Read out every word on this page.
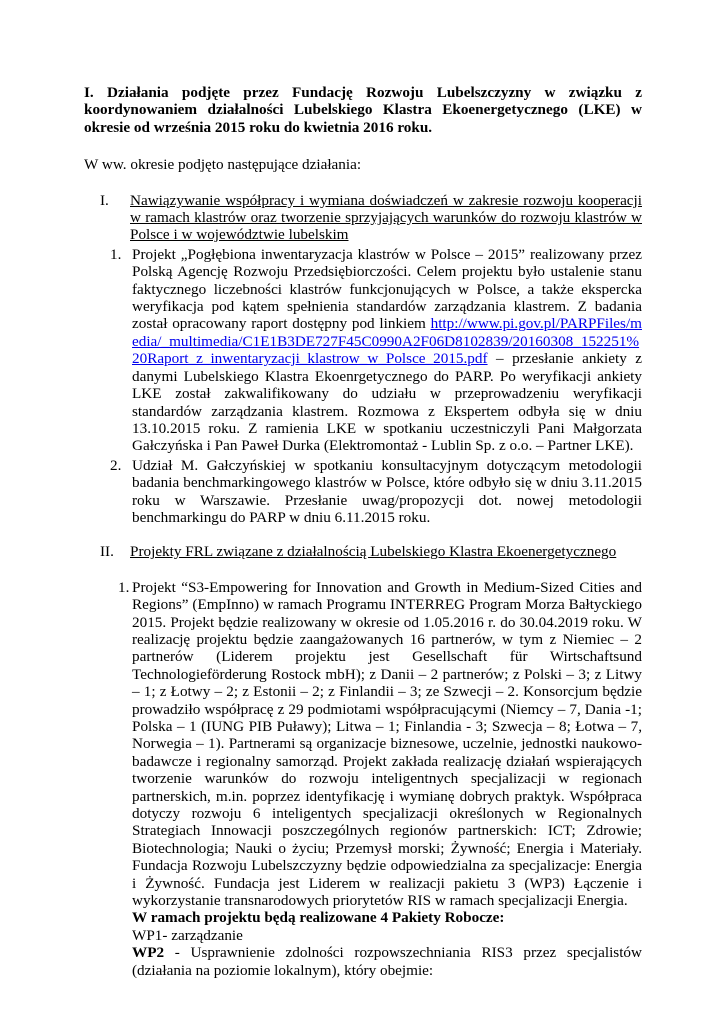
I. Działania podjęte przez Fundację Rozwoju Lubelszczyzny w związku z koordynowaniem działalności Lubelskiego Klastra Ekoenergetycznego (LKE) w okresie od września 2015 roku do kwietnia 2016 roku.

W ww. okresie podjęto następujące działania:
I. Nawiązywanie współpracy i wymiana doświadczeń w zakresie rozwoju kooperacji w ramach klastrów oraz tworzenie sprzyjających warunków do rozwoju klastrów w Polsce i w województwie lubelskim
1. Projekt „Pogłębiona inwentaryzacja klastrów w Polsce – 2015” realizowany przez Polską Agencję Rozwoju Przedsiębiorczości. Celem projektu było ustalenie stanu faktycznego liczebności klastrów funkcjonujących w Polsce, a także ekspercka weryfikacja pod kątem spełnienia standardów zarządzania klastrem. Z badania został opracowany raport dostępny pod linkiem http://www.pi.gov.pl/PARPFiles/media/_multimedia/C1E1B3DE727F45C0990A2F06D8102839/20160308_152251%20Raport_z_inwentaryzacji_klastrow_w_Polsce_2015.pdf – przesłanie ankiety z danymi Lubelskiego Klastra Ekoenrgetycznego do PARP. Po weryfikacji ankiety LKE został zakwalifikowany do udziału w przeprowadzeniu weryfikacji standardów zarządzania klastrem. Rozmowa z Ekspertem odbyła się w dniu 13.10.2015 roku. Z ramienia LKE w spotkaniu uczestniczyli Pani Małgorzata Gałczyńska i Pan Paweł Durka (Elektromontaż - Lublin Sp. z o.o. – Partner LKE).
2. Udział M. Gałczyńskiej w spotkaniu konsultacyjnym dotyczącym metodologii badania benchmarkingowego klastrów w Polsce, które odbyło się w dniu 3.11.2015 roku w Warszawie. Przesłanie uwag/propozycji dot. nowej metodologii benchmarkingu do PARP w dniu 6.11.2015 roku.
II. Projekty FRL związane z działalnością Lubelskiego Klastra Ekoenergetycznego
1. Projekt “S3-Empowering for Innovation and Growth in Medium-Sized Cities and Regions” (EmpInno) w ramach Programu INTERREG Program Morza Bałtyckiego 2015. Projekt będzie realizowany w okresie od 1.05.2016 r. do 30.04.2019 roku. W realizację projektu będzie zaangażowanych 16 partnerów, w tym z Niemiec – 2 partnerów (Liderem projektu jest Gesellschaft für Wirtschaftsund Technologieförderung Rostock mbH); z Danii – 2 partnerów; z Polski – 3; z Litwy – 1; z Łotwy – 2; z Estonii – 2; z Finlandii – 3; ze Szwecji – 2. Konsorcjum będzie prowadziło współpracę z 29 podmiotami współpracującymi (Niemcy – 7, Dania -1; Polska – 1 (IUNG PIB Puławy); Litwa – 1; Finlandia - 3; Szwecja – 8; Łotwa – 7, Norwegia – 1). Partnerami są organizacje biznesowe, uczelnie, jednostki naukowo-badawcze i regionalny samorząd. Projekt zakłada realizację działań wspierających tworzenie warunków do rozwoju inteligentnych specjalizacji w regionach partnerskich, m.in. poprzez identyfikację i wymianę dobrych praktyk. Współpraca dotyczy rozwoju 6 inteligentych specjalizacji określonych w Regionalnych Strategiach Innowacji poszczególnych regionów partnerskich: ICT; Zdrowie; Biotechnologia; Nauki o życiu; Przemysł morski; Żywność; Energia i Materiały. Fundacja Rozwoju Lubelszczyzny będzie odpowiedzialna za specjalizacje: Energia i Żywność. Fundacja jest Liderem w realizacji pakietu 3 (WP3) Łączenie i wykorzystanie transnarodowych priorytetów RIS w ramach specjalizacji Energia.
W ramach projektu będą realizowane 4 Pakiety Robocze:
WP1- zarządzanie
WP2 - Usprawnienie zdolności rozpowszechniania RIS3 przez specjalistów (działania na poziomie lokalnym), który obejmie:
